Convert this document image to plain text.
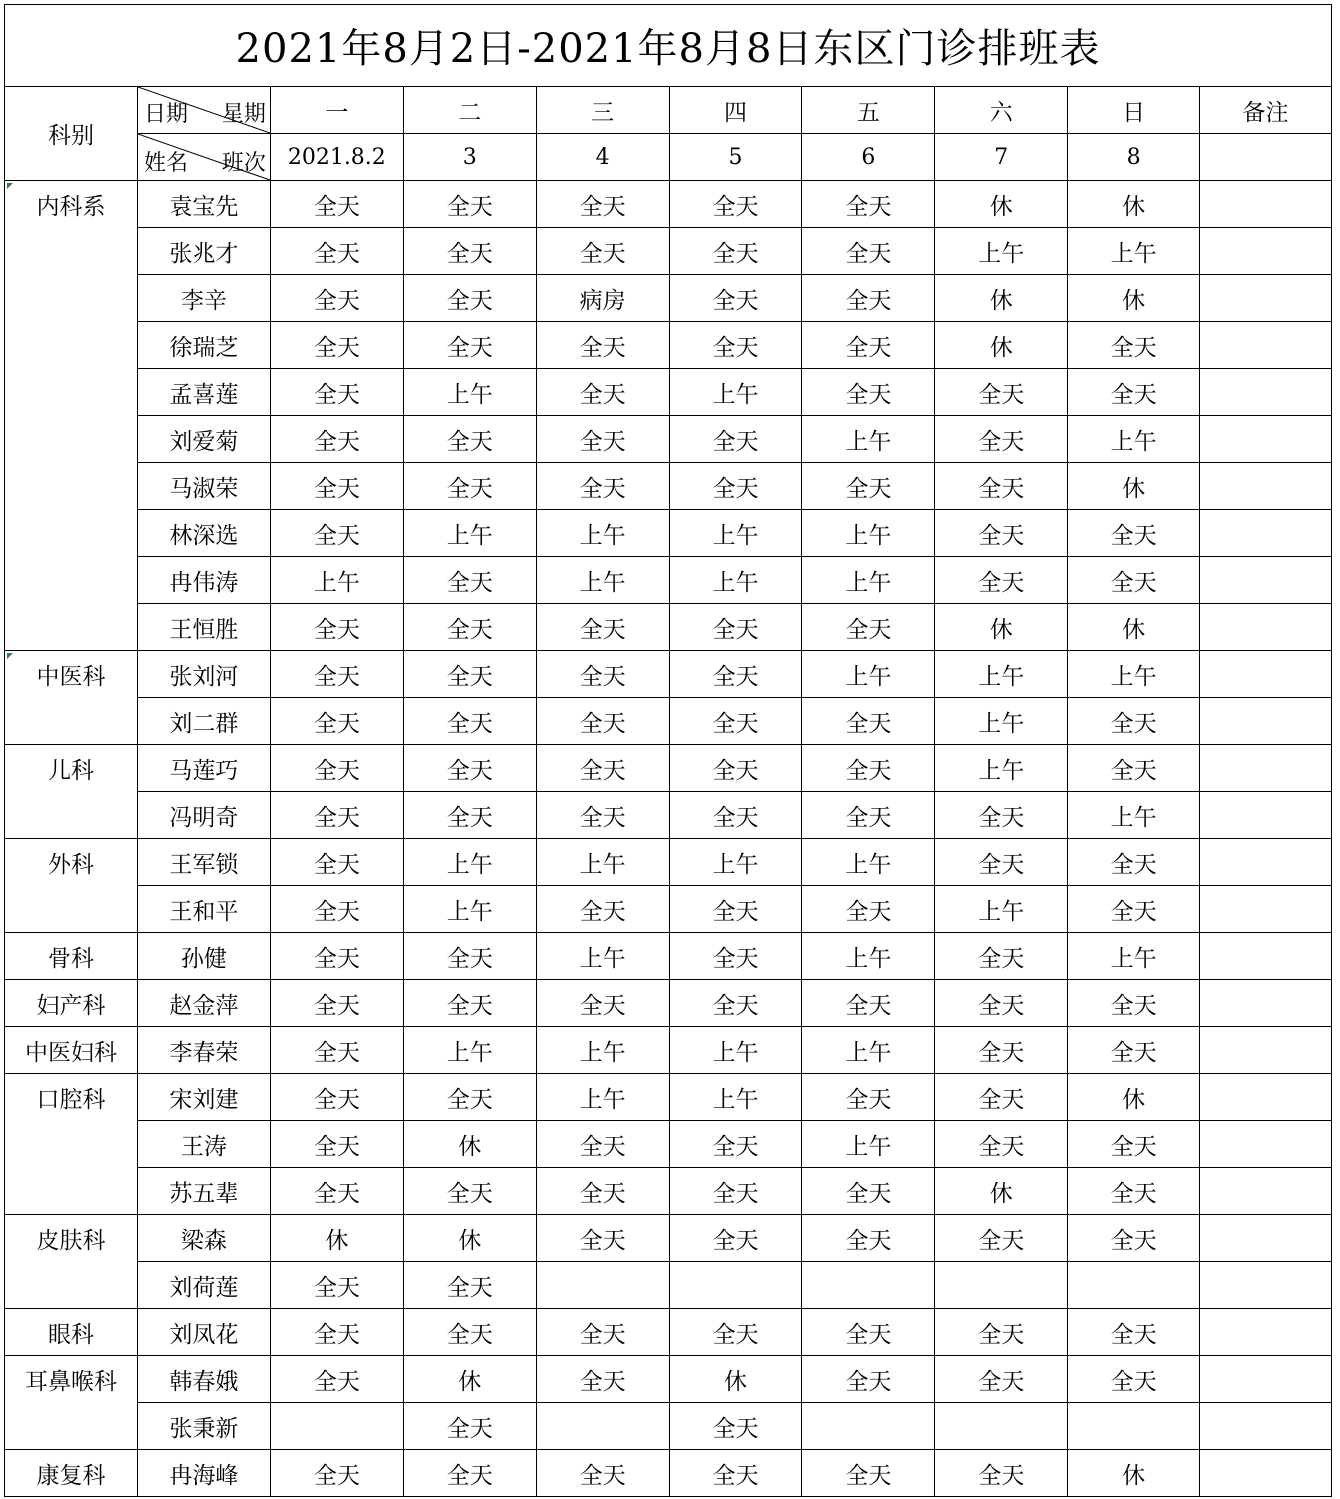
2021年8月2日-2021年8月8日东区门诊排班表
科别	日期 星期	一	二	三	四	五	六	日	备注

	姓名 班次	2021.8.2	3	4	5	6	7	8	
内科系	袁宝先	全天	全天	全天	全天	全天	休	休	
	张兆才	全天	全天	全天	全天	全天	上午	上午	
	李辛	全天	全天	病房	全天	全天	休	休	
	徐瑞芝	全天	全天	全天	全天	全天	休	全天	
	孟喜莲	全天	上午	全天	上午	全天	全天	全天	
	刘爱菊	全天	全天	全天	全天	上午	全天	上午	
	马淑荣	全天	全天	全天	全天	全天	全天	休	
	林深选	全天	上午	上午	上午	上午	全天	全天	
	冉伟涛	上午	全天	上午	上午	上午	全天	全天	
	王恒胜	全天	全天	全天	全天	全天	休	休	
中医科	张刘河	全天	全天	全天	全天	上午	上午	上午	
	刘二群	全天	全天	全天	全天	全天	上午	全天	
儿科	马莲巧	全天	全天	全天	全天	全天	上午	全天	
	冯明奇	全天	全天	全天	全天	全天	全天	上午	
外科	王军锁	全天	上午	上午	上午	上午	全天	全天	
	王和平	全天	上午	全天	全天	全天	上午	全天	
骨科	孙健	全天	全天	上午	全天	上午	全天	上午	
妇产科	赵金萍	全天	全天	全天	全天	全天	全天	全天	
中医妇科	李春荣	全天	上午	上午	上午	上午	全天	全天	
口腔科	宋刘建	全天	全天	上午	上午	全天	全天	休	
	王涛	全天	休	全天	全天	上午	全天	全天	
	苏五辈	全天	全天	全天	全天	全天	休	全天	
皮肤科	梁森	休	休	全天	全天	全天	全天	全天	
	刘荷莲	全天	全天						
眼科	刘凤花	全天	全天	全天	全天	全天	全天	全天	
耳鼻喉科	韩春娥	全天	休	全天	休	全天	全天	全天	
	张秉新		全天		全天				
康复科	冉海峰	全天	全天	全天	全天	全天	全天	休	
